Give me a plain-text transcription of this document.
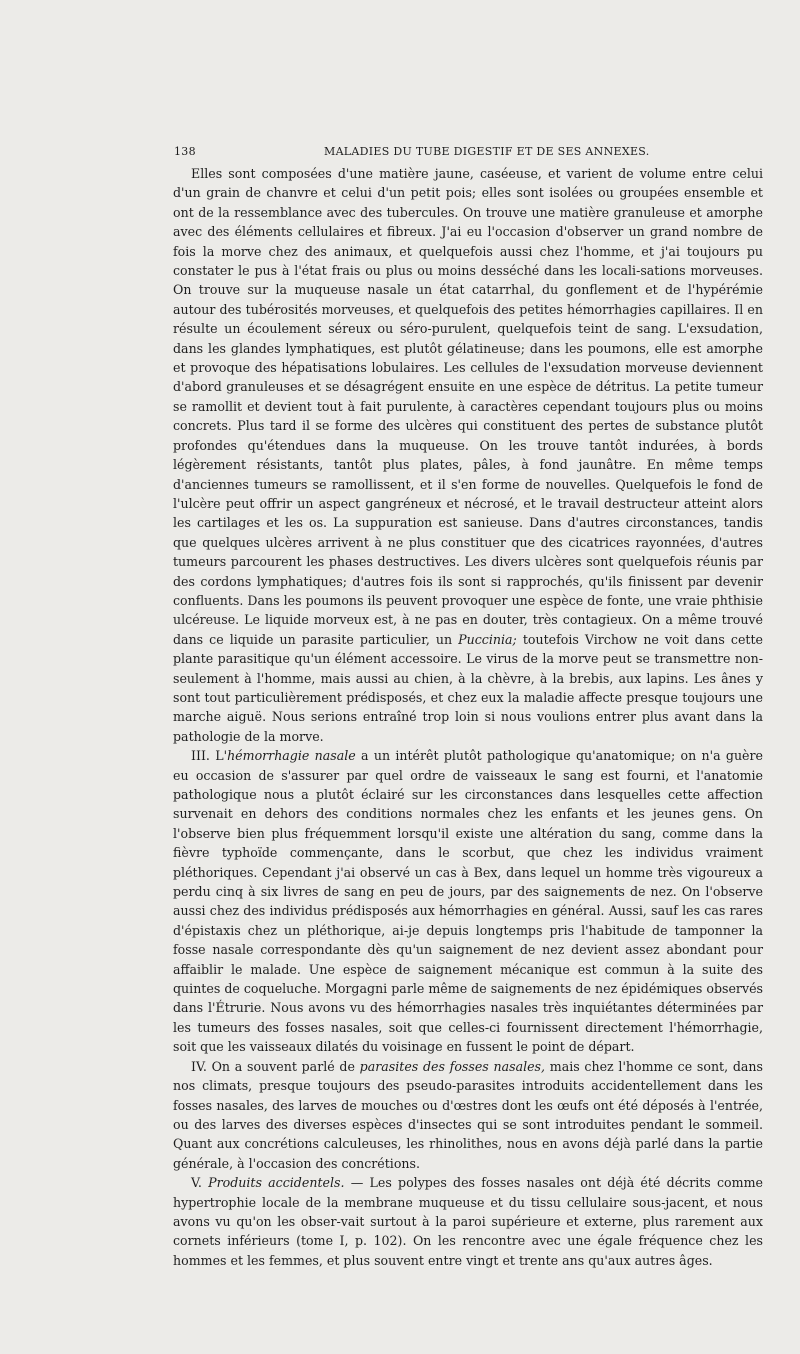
138	MALADIES DU TUBE DIGESTIF ET DE SES ANNEXES.

Elles sont composées d'une matière jaune, caséeuse, et varient de volume entre celui d'un grain de chanvre et celui d'un petit pois; elles sont isolées ou groupées ensemble et ont de la ressemblance avec des tubercules. On trouve une matière granuleuse et amorphe avec des éléments cellulaires et fibreux. J'ai eu l'occasion d'observer un grand nombre de fois la morve chez des animaux, et quelquefois aussi chez l'homme, et j'ai toujours pu constater le pus à l'état frais ou plus ou moins desséché dans les locali-sations morveuses. On trouve sur la muqueuse nasale un état catarrhal, du gonflement et de l'hypérémie autour des tubérosités morveuses, et quelquefois des petites hémorrhagies capillaires. Il en résulte un écoulement séreux ou séro-purulent, quelquefois teint de sang. L'exsudation, dans les glandes lymphatiques, est plutôt gélatineuse; dans les poumons, elle est amorphe et provoque des hépatisations lobulaires. Les cellules de l'exsudation morveuse deviennent d'abord granuleuses et se désagrégent ensuite en une espèce de détritus. La petite tumeur se ramollit et devient tout à fait purulente, à caractères cependant toujours plus ou moins concrets. Plus tard il se forme des ulcères qui constituent des pertes de substance plutôt profondes qu'étendues dans la muqueuse. On les trouve tantôt indurées, à bords légèrement résistants, tantôt plus plates, pâles, à fond jaunâtre. En même temps d'anciennes tumeurs se ramollissent, et il s'en forme de nouvelles. Quelquefois le fond de l'ulcère peut offrir un aspect gangréneux et nécrosé, et le travail destructeur atteint alors les cartilages et les os. La suppuration est sanieuse. Dans d'autres circonstances, tandis que quelques ulcères arrivent à ne plus constituer que des cicatrices rayonnées, d'autres tumeurs parcourent les phases destructives. Les divers ulcères sont quelquefois réunis par des cordons lymphatiques; d'autres fois ils sont si rapprochés, qu'ils finissent par devenir confluents. Dans les poumons ils peuvent provoquer une espèce de fonte, une vraie phthisie ulcéreuse. Le liquide morveux est, à ne pas en douter, très contagieux. On a même trouvé dans ce liquide un parasite particulier, un Puccinia; toutefois Virchow ne voit dans cette plante parasitique qu'un élément accessoire. Le virus de la morve peut se transmettre non-seulement à l'homme, mais aussi au chien, à la chèvre, à la brebis, aux lapins. Les ânes y sont tout particulièrement prédisposés, et chez eux la maladie affecte presque toujours une marche aiguë. Nous serions entraîné trop loin si nous voulions entrer plus avant dans la pathologie de la morve.

III. L'hémorrhagie nasale a un intérêt plutôt pathologique qu'anatomique; on n'a guère eu occasion de s'assurer par quel ordre de vaisseaux le sang est fourni, et l'anatomie pathologique nous a plutôt éclairé sur les circonstances dans lesquelles cette affection survenait en dehors des conditions normales chez les enfants et les jeunes gens. On l'observe bien plus fréquemment lorsqu'il existe une altération du sang, comme dans la fièvre typhoïde commençante, dans le scorbut, que chez les individus vraiment pléthoriques. Cependant j'ai observé un cas à Bex, dans lequel un homme très vigoureux a perdu cinq à six livres de sang en peu de jours, par des saignements de nez. On l'observe aussi chez des individus prédisposés aux hémorrhagies en général. Aussi, sauf les cas rares d'épistaxis chez un pléthorique, ai-je depuis longtemps pris l'habitude de tamponner la fosse nasale correspondante dès qu'un saignement de nez devient assez abondant pour affaiblir le malade. Une espèce de saignement mécanique est commun à la suite des quintes de coqueluche. Morgagni parle même de saignements de nez épidémiques observés dans l'Étrurie. Nous avons vu des hémorrhagies nasales très inquiétantes déterminées par les tumeurs des fosses nasales, soit que celles-ci fournissent directement l'hémorrhagie, soit que les vaisseaux dilatés du voisinage en fussent le point de départ.

IV. On a souvent parlé de parasites des fosses nasales, mais chez l'homme ce sont, dans nos climats, presque toujours des pseudo-parasites introduits accidentellement dans les fosses nasales, des larves de mouches ou d'œstres dont les œufs ont été déposés à l'entrée, ou des larves des diverses espèces d'insectes qui se sont introduites pendant le sommeil. Quant aux concrétions calculeuses, les rhinolithes, nous en avons déjà parlé dans la partie générale, à l'occasion des concrétions.

V. Produits accidentels. — Les polypes des fosses nasales ont déjà été décrits comme hypertrophie locale de la membrane muqueuse et du tissu cellulaire sous-jacent, et nous avons vu qu'on les obser-vait surtout à la paroi supérieure et externe, plus rarement aux cornets inférieurs (tome I, p. 102). On les rencontre avec une égale fréquence chez les hommes et les femmes, et plus souvent entre vingt et trente ans qu'aux autres âges.
